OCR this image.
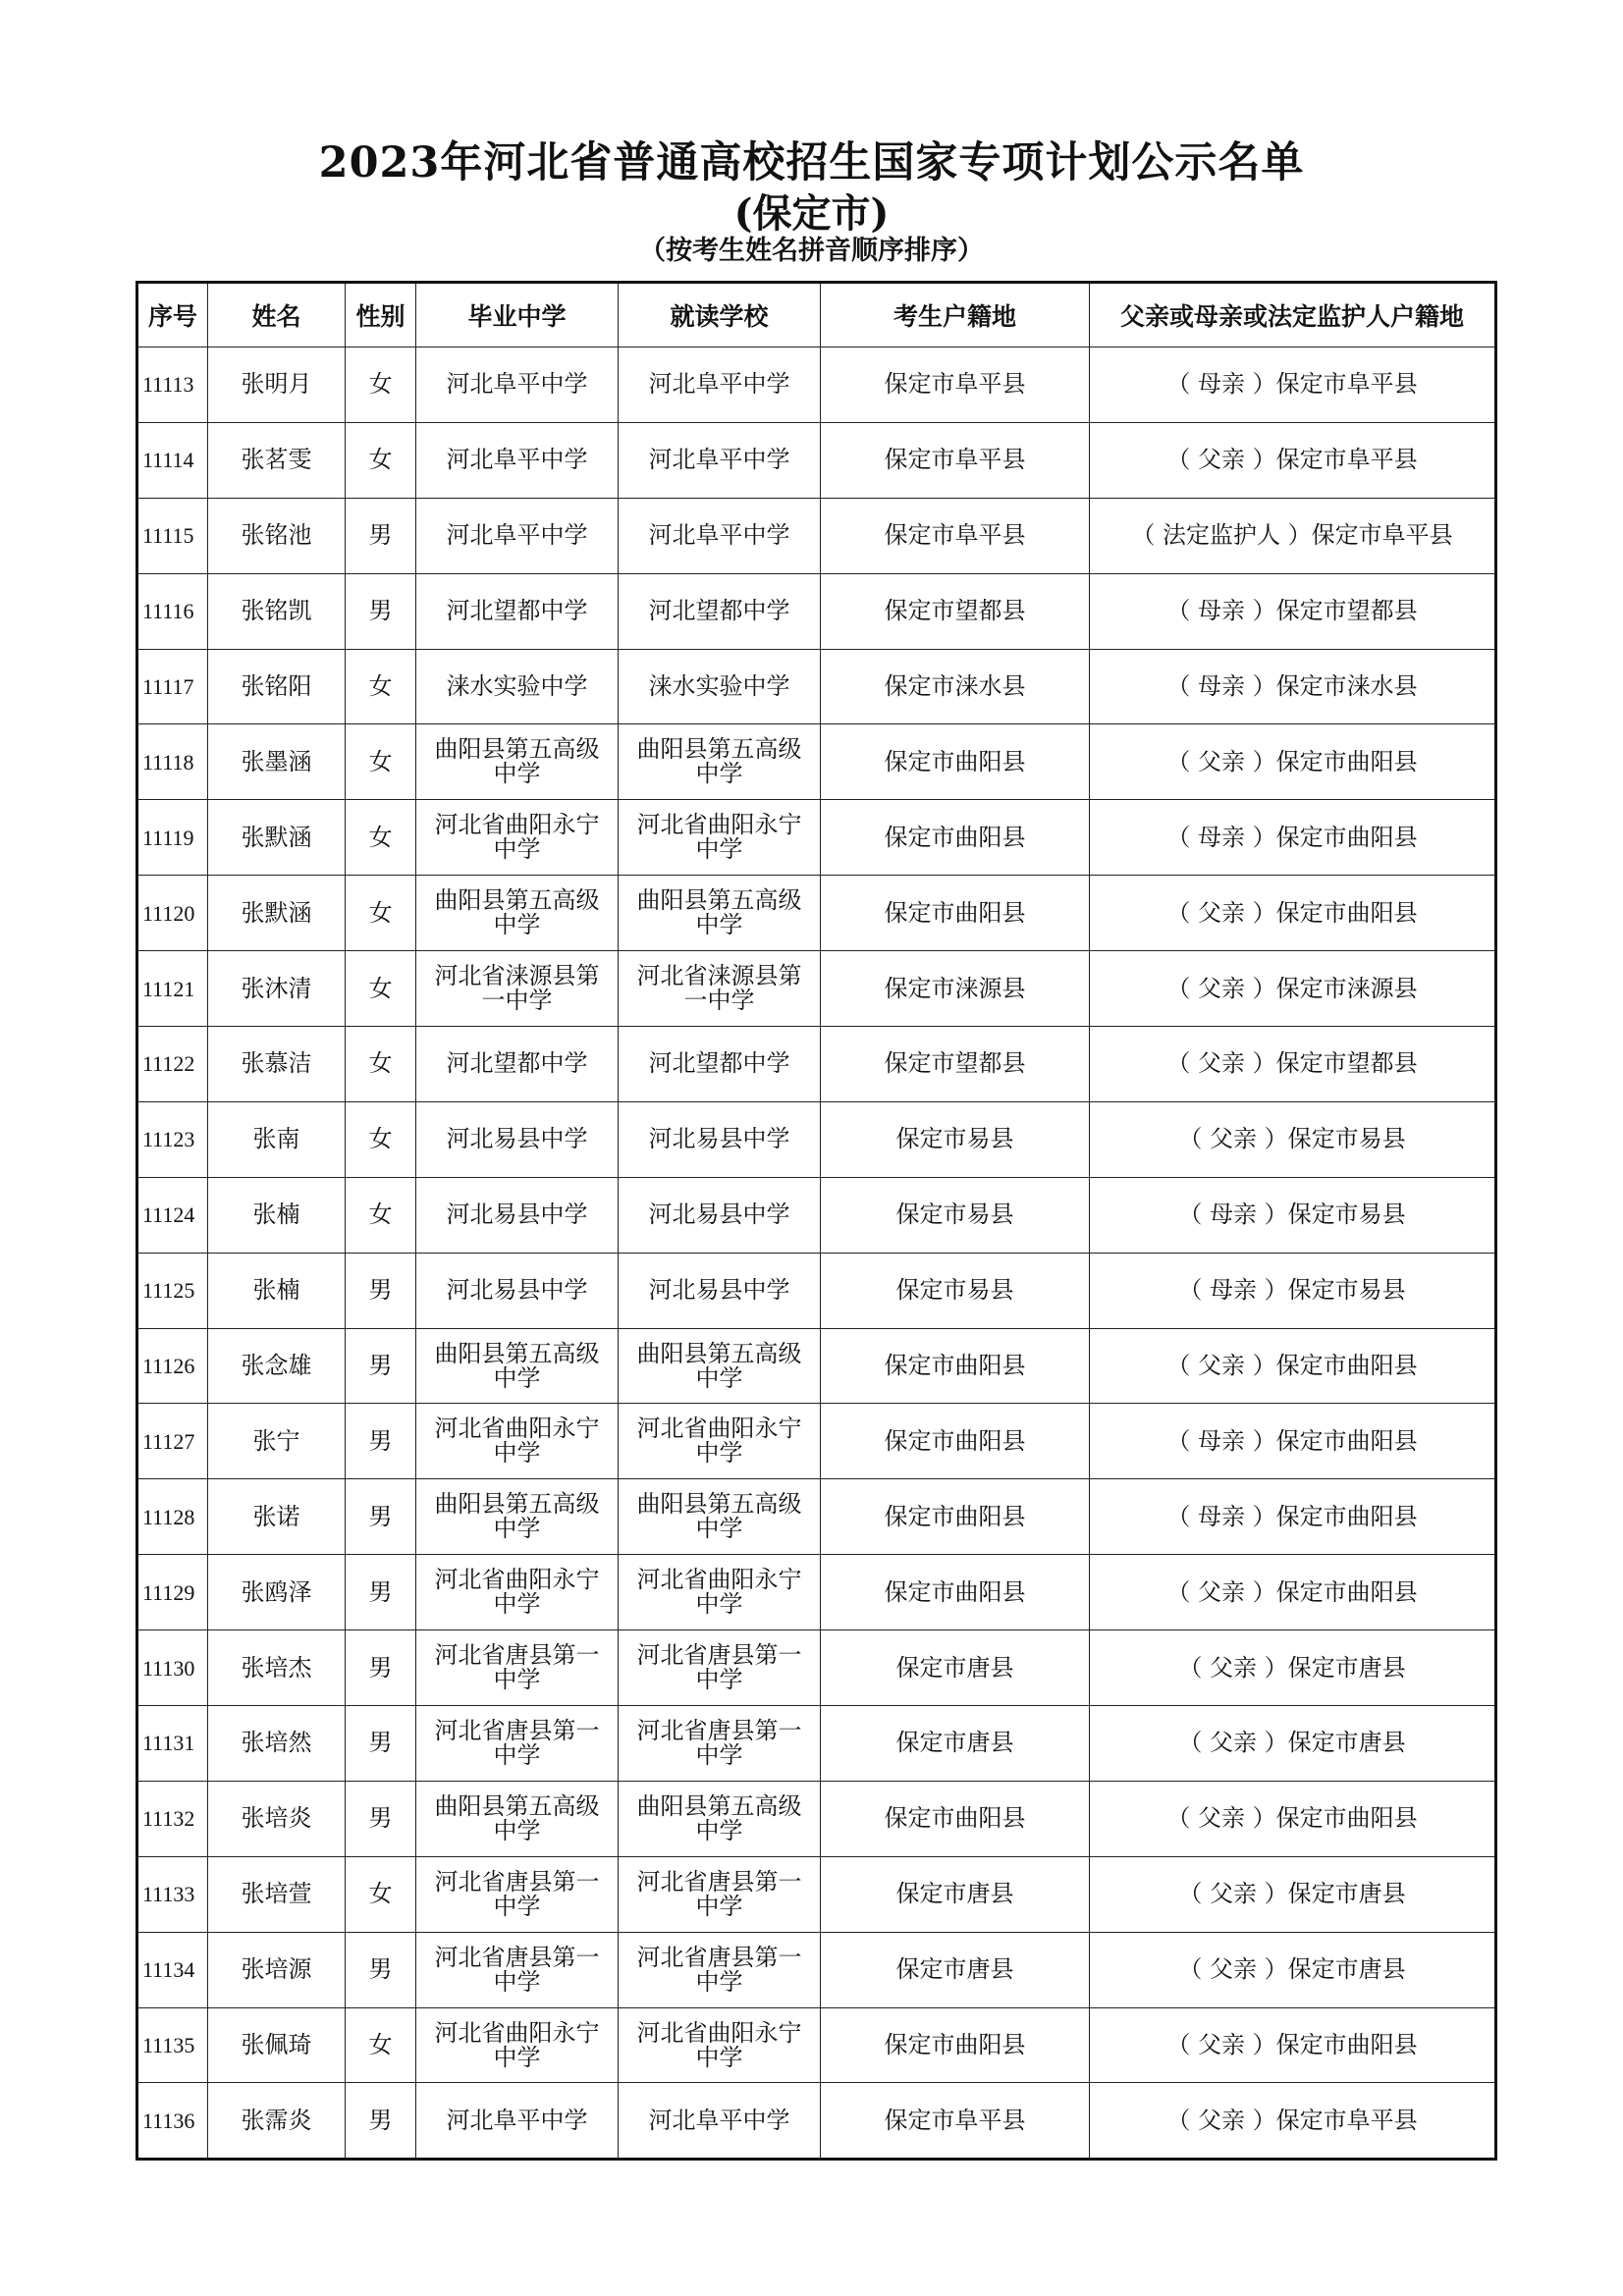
2023年河北省普通高校招生国家专项计划公示名单
(保定市)
（按考生姓名拼音顺序排序）
序号	姓名	性别	毕业中学	就读学校	考生户籍地	父亲或母亲或法定监护人户籍地
11113	张明月	女	河北阜平中学	河北阜平中学	保定市阜平县	（ 母亲 ）保定市阜平县
11114	张茗雯	女	河北阜平中学	河北阜平中学	保定市阜平县	（ 父亲 ）保定市阜平县
11115	张铭池	男	河北阜平中学	河北阜平中学	保定市阜平县	（ 法定监护人 ）保定市阜平县
11116	张铭凯	男	河北望都中学	河北望都中学	保定市望都县	（ 母亲 ）保定市望都县
11117	张铭阳	女	涞水实验中学	涞水实验中学	保定市涞水县	（ 母亲 ）保定市涞水县
11118	张墨涵	女	曲阳县第五高级中学	曲阳县第五高级中学	保定市曲阳县	（ 父亲 ）保定市曲阳县
11119	张默涵	女	河北省曲阳永宁中学	河北省曲阳永宁中学	保定市曲阳县	（ 母亲 ）保定市曲阳县
11120	张默涵	女	曲阳县第五高级中学	曲阳县第五高级中学	保定市曲阳县	（ 父亲 ）保定市曲阳县
11121	张沐清	女	河北省涞源县第一中学	河北省涞源县第一中学	保定市涞源县	（ 父亲 ）保定市涞源县
11122	张慕洁	女	河北望都中学	河北望都中学	保定市望都县	（ 父亲 ）保定市望都县
11123	张南	女	河北易县中学	河北易县中学	保定市易县	（ 父亲 ）保定市易县
11124	张楠	女	河北易县中学	河北易县中学	保定市易县	（ 母亲 ）保定市易县
11125	张楠	男	河北易县中学	河北易县中学	保定市易县	（ 母亲 ）保定市易县
11126	张念雄	男	曲阳县第五高级中学	曲阳县第五高级中学	保定市曲阳县	（ 父亲 ）保定市曲阳县
11127	张宁	男	河北省曲阳永宁中学	河北省曲阳永宁中学	保定市曲阳县	（ 母亲 ）保定市曲阳县
11128	张诺	男	曲阳县第五高级中学	曲阳县第五高级中学	保定市曲阳县	（ 母亲 ）保定市曲阳县
11129	张鸥泽	男	河北省曲阳永宁中学	河北省曲阳永宁中学	保定市曲阳县	（ 父亲 ）保定市曲阳县
11130	张培杰	男	河北省唐县第一中学	河北省唐县第一中学	保定市唐县	（ 父亲 ）保定市唐县
11131	张培然	男	河北省唐县第一中学	河北省唐县第一中学	保定市唐县	（ 父亲 ）保定市唐县
11132	张培炎	男	曲阳县第五高级中学	曲阳县第五高级中学	保定市曲阳县	（ 父亲 ）保定市曲阳县
11133	张培萱	女	河北省唐县第一中学	河北省唐县第一中学	保定市唐县	（ 父亲 ）保定市唐县
11134	张培源	男	河北省唐县第一中学	河北省唐县第一中学	保定市唐县	（ 父亲 ）保定市唐县
11135	张佩琦	女	河北省曲阳永宁中学	河北省曲阳永宁中学	保定市曲阳县	（ 父亲 ）保定市曲阳县
11136	张霈炎	男	河北阜平中学	河北阜平中学	保定市阜平县	（ 父亲 ）保定市阜平县
